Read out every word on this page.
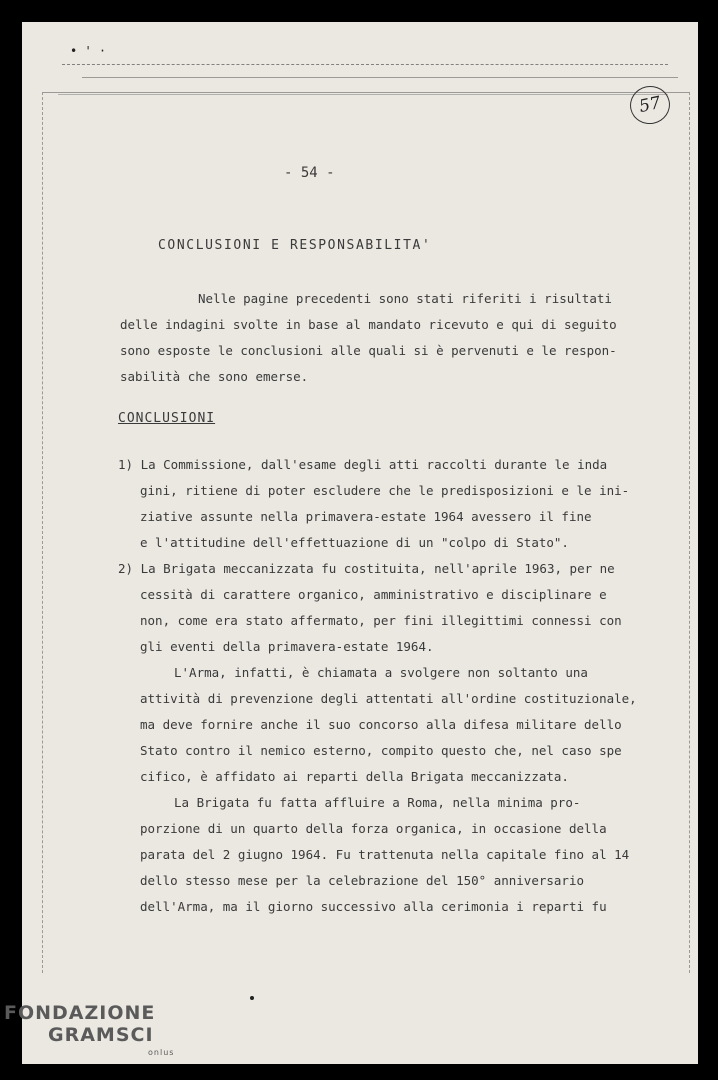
• ' ·
57
- 54 -
CONCLUSIONI E RESPONSABILITA'
Nelle pagine precedenti sono stati riferiti i risultati
delle indagini svolte in base al mandato ricevuto e qui di seguito
sono esposte le conclusioni alle quali si è pervenuti e le respon-
sabilità che sono emerse.
CONCLUSIONI
1) La Commissione, dall'esame degli atti raccolti durante le inda
gini, ritiene di poter escludere che le predisposizioni e le ini-
ziative assunte nella primavera-estate 1964 avessero il fine
e l'attitudine dell'effettuazione di un "colpo di Stato".
2) La Brigata meccanizzata fu costituita, nell'aprile 1963, per ne
cessità di carattere organico, amministrativo e disciplinare e
non, come era stato affermato, per fini illegittimi connessi con
gli eventi della primavera-estate 1964.
L'Arma, infatti, è chiamata a svolgere non soltanto una
attività di prevenzione degli attentati all'ordine costituzionale,
ma deve fornire anche il suo concorso alla difesa militare dello
Stato contro il nemico esterno, compito questo che, nel caso spe
cifico, è affidato ai reparti della Brigata meccanizzata.
La Brigata fu fatta affluire a Roma, nella minima pro-
porzione di un quarto della forza organica, in occasione della
parata del 2 giugno 1964. Fu trattenuta nella capitale fino al 14
dello stesso mese per la celebrazione del 150° anniversario
dell'Arma, ma il giorno successivo alla cerimonia i reparti fu
FONDAZIONE
GRAMSCI
onlus
